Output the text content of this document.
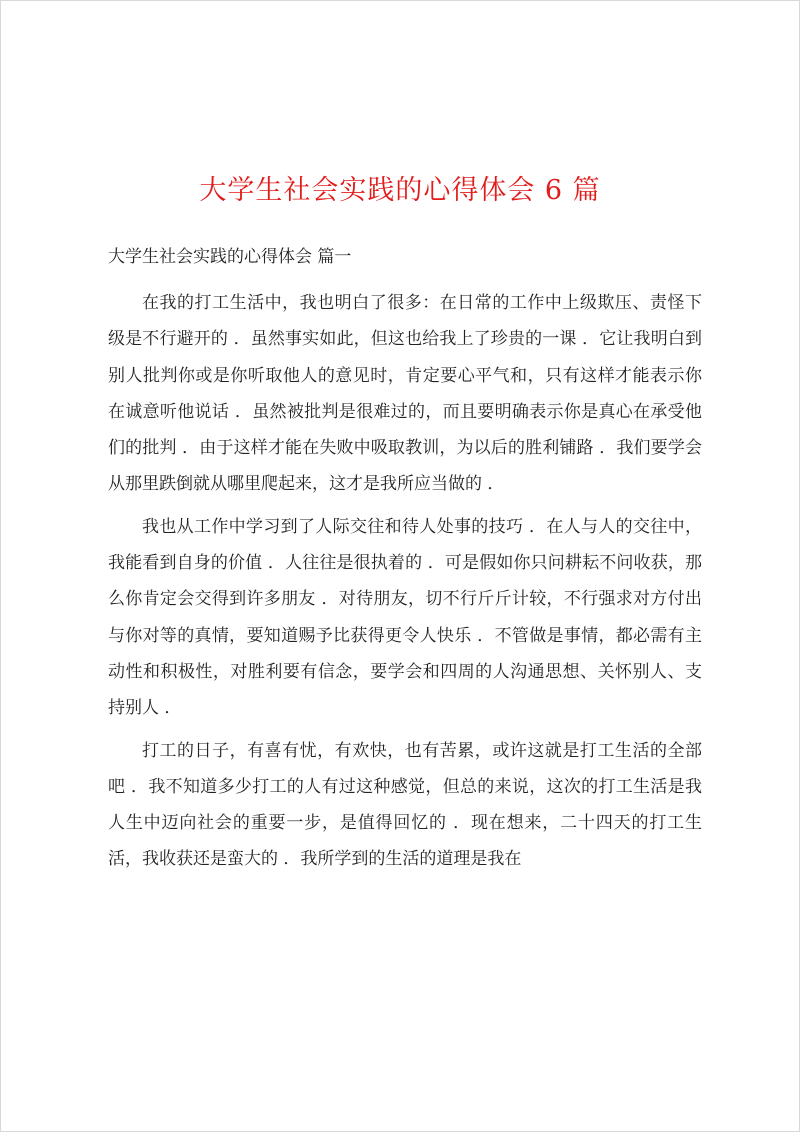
大学生社会实践的心得体会 6 篇
大学生社会实践的心得体会 篇一

在我的打工生活中，我也明白了很多：在日常的工作中上级欺压、责怪下级是不行避开的 ．虽然事实如此，但这也给我上了珍贵的一课 ．它让我明白到别人批判你或是你听取他人的意见时，肯定要心平气和，只有这样才能表示你在诚意听他说话 ．虽然被批判是很难过的，而且要明确表示你是真心在承受他们的批判 ．由于这样才能在失败中吸取教训，为以后的胜利铺路 ．我们要学会从那里跌倒就从哪里爬起来，这才是我所应当做的 ．

我也从工作中学习到了人际交往和待人处事的技巧 ．在人与人的交往中，我能看到自身的价值 ．人往往是很执着的 ．可是假如你只问耕耘不问收获，那么你肯定会交得到许多朋友 ．对待朋友，切不行斤斤计较，不行强求对方付出与你对等的真情，要知道赐予比获得更令人快乐 ．不管做是事情，都必需有主动性和积极性，对胜利要有信念，要学会和四周的人沟通思想、关怀别人、支持别人 ．

打工的日子，有喜有忧，有欢快，也有苦累，或许这就是打工生活的全部吧 ．我不知道多少打工的人有过这种感觉，但总的来说，这次的打工生活是我人生中迈向社会的重要一步，是值得回忆的 ．现在想来，二十四天的打工生活，我收获还是蛮大的 ．我所学到的生活的道理是我在
